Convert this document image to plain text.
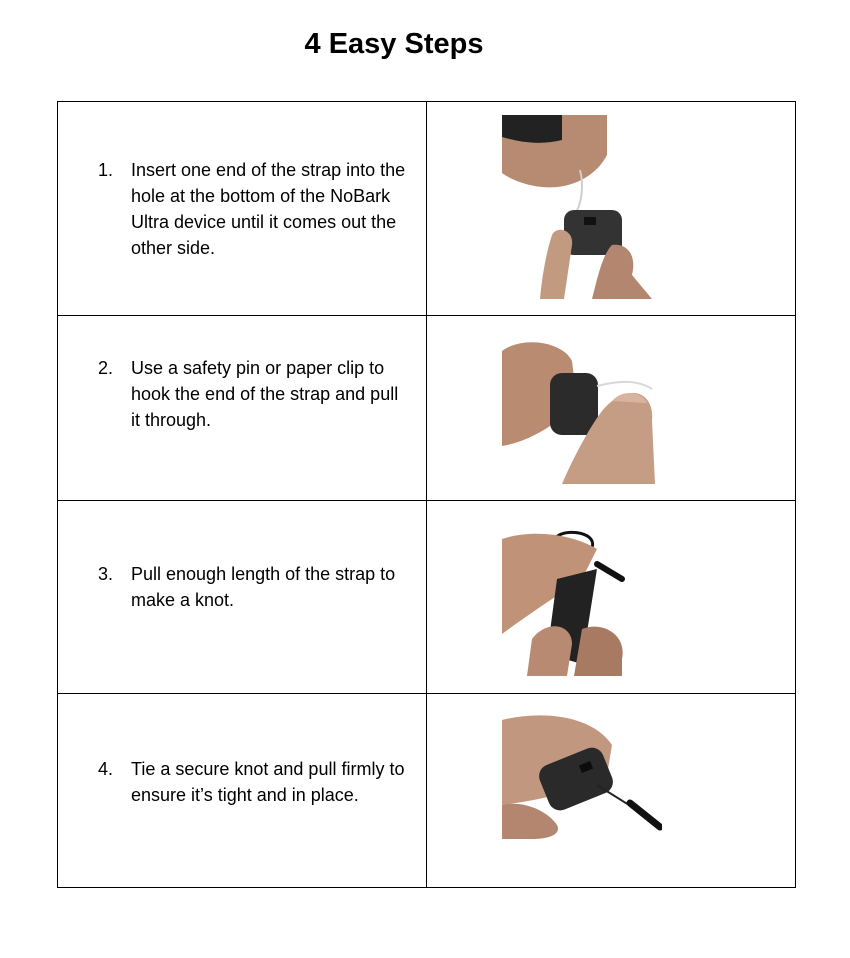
4 Easy Steps
1. Insert one end of the strap into the hole at the bottom of the NoBark Ultra device until it comes out the other side.

2. Use a safety pin or paper clip to hook the end of the strap and pull it through.

3. Pull enough length of the strap to make a knot.

4. Tie a secure knot and pull firmly to ensure it’s tight and in place.
